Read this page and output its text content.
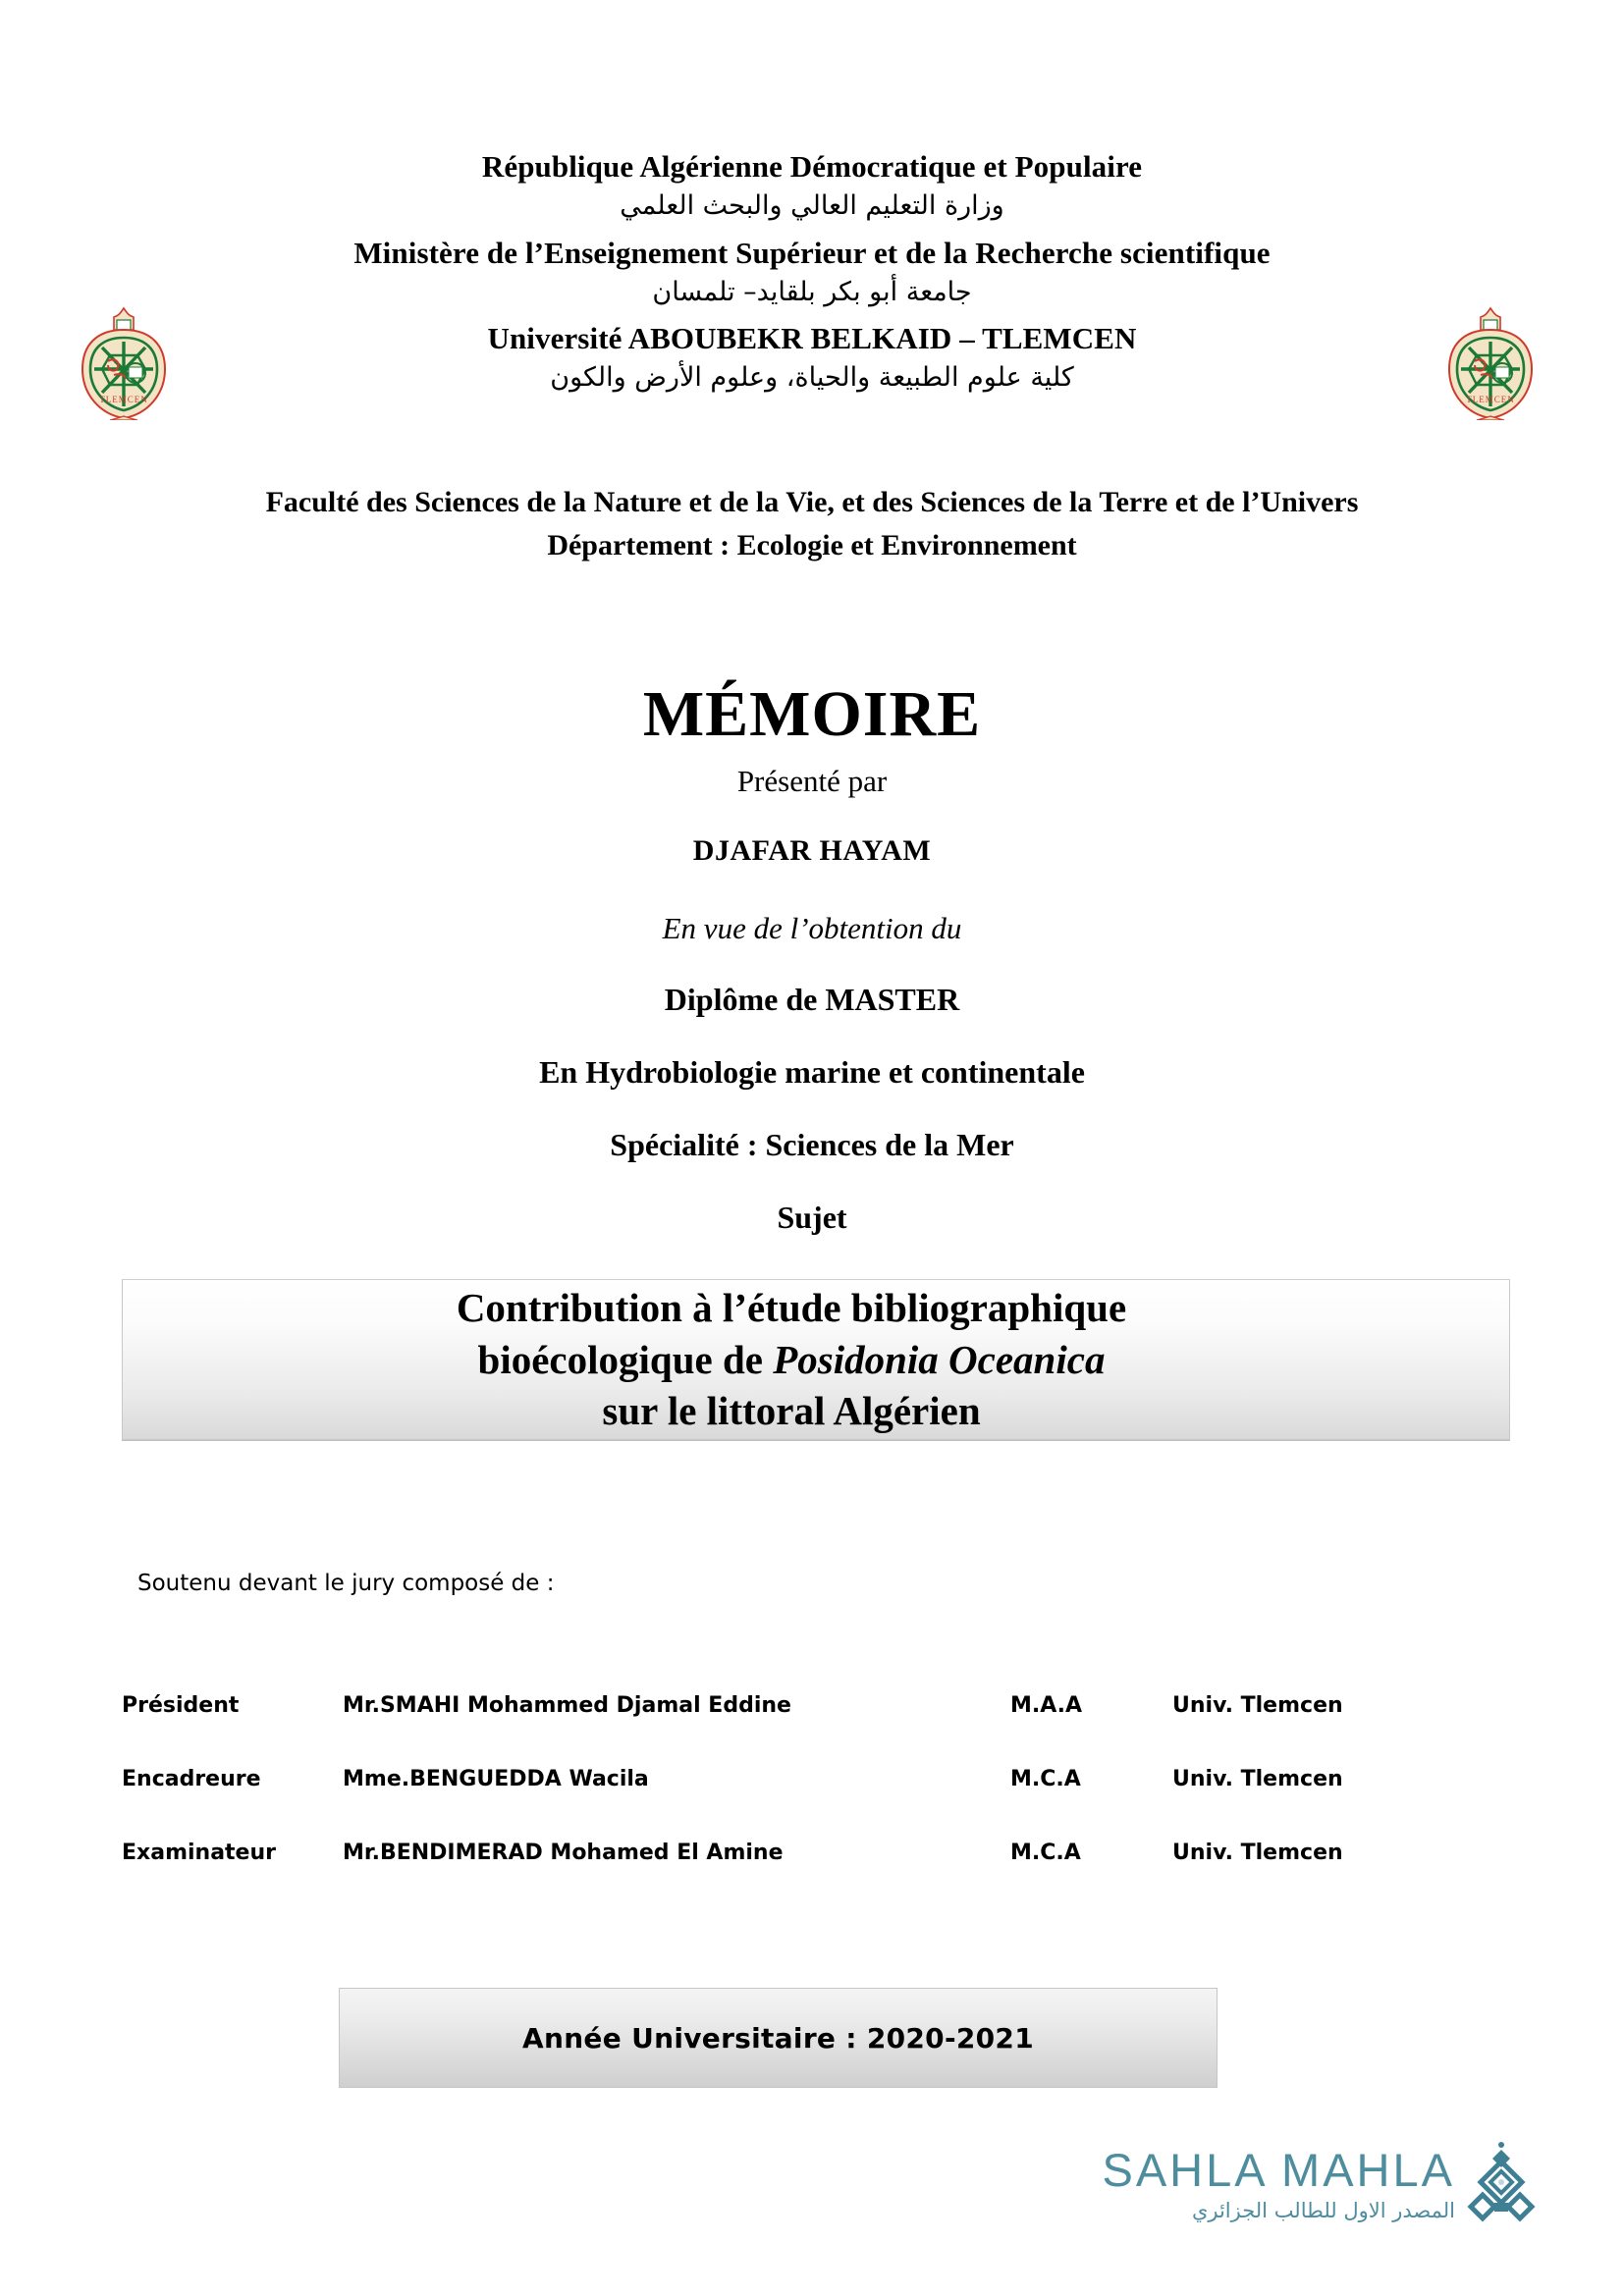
TLEMCEN	TLEMCEN
République Algérienne Démocratique et Populaire
وزارة التعليم العالي والبحث العلمي
Ministère de l’Enseignement Supérieur et de la Recherche scientifique
جامعة أبو بكر بلقايد– تلمسان
Université ABOUBEKR BELKAID – TLEMCEN
كلية علوم الطبيعة والحياة، وعلوم الأرض والكون
Faculté des Sciences de la Nature et de la Vie, et des Sciences de la Terre et de l’Univers
Département : Ecologie et Environnement
MÉMOIRE
Présenté par
DJAFAR HAYAM
En vue de l’obtention du
Diplôme de MASTER
En Hydrobiologie marine et continentale
Spécialité : Sciences de la Mer
Sujet
Contribution à l’étude bibliographique
bioécologique de Posidonia Oceanica
sur le littoral Algérien
Soutenu devant le jury composé de :
Président	Mr.SMAHI Mohammed Djamal Eddine	M.A.A	Univ. Tlemcen
Encadreure	Mme.BENGUEDDA Wacila	M.C.A	Univ. Tlemcen
Examinateur	Mr.BENDIMERAD Mohamed El Amine	M.C.A	Univ. Tlemcen
Année Universitaire : 2020-2021
SAHLA MAHLA
المصدر الاول للطالب الجزائري
